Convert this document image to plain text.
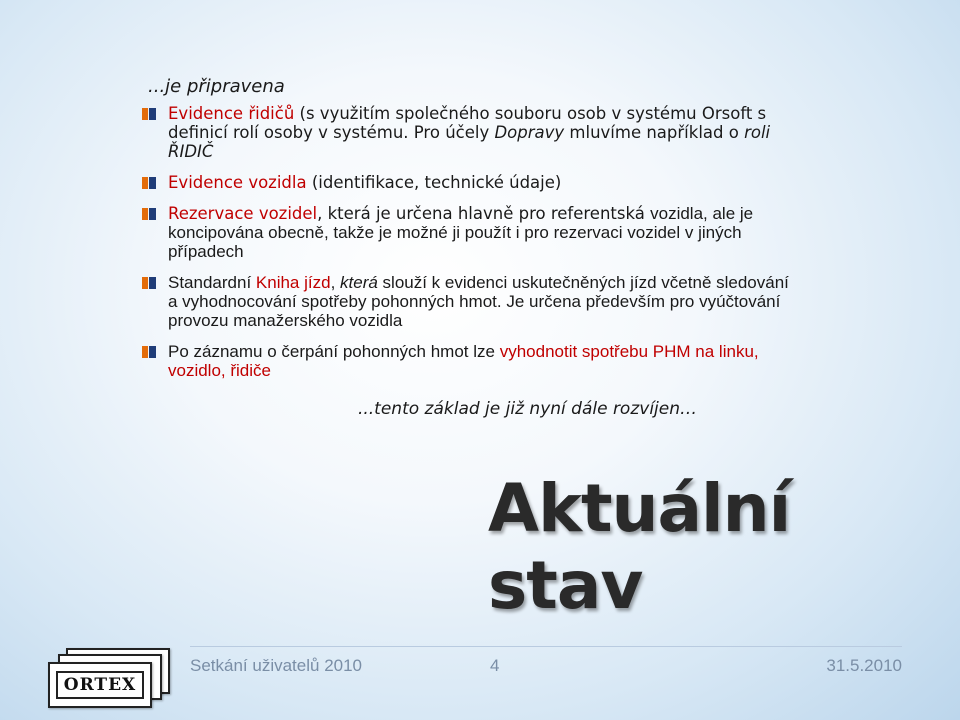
...je připravena
Evidence řidičů (s využitím společného souboru osob v systému Orsoft s definicí rolí osoby v systému. Pro účely Dopravy mluvíme například o roli ŘIDIČ
Evidence vozidla (identifikace, technické údaje)
Rezervace vozidel, která je určena hlavně pro referentská vozidla, ale je koncipována obecně, takže je možné ji použít i pro rezervaci vozidel v jiných případech
Standardní Kniha jízd, která slouží k evidenci uskutečněných jízd včetně sledování a vyhodnocování spotřeby pohonných hmot. Je určena především pro vyúčtování provozu manažerského vozidla
Po záznamu o čerpání pohonných hmot lze vyhodnotit spotřebu PHM na linku, vozidlo, řidiče
...tento základ je již nyní dále rozvíjen…
Aktuální stav
ORTEX
Setkání uživatelů 2010	4	31.5.2010
